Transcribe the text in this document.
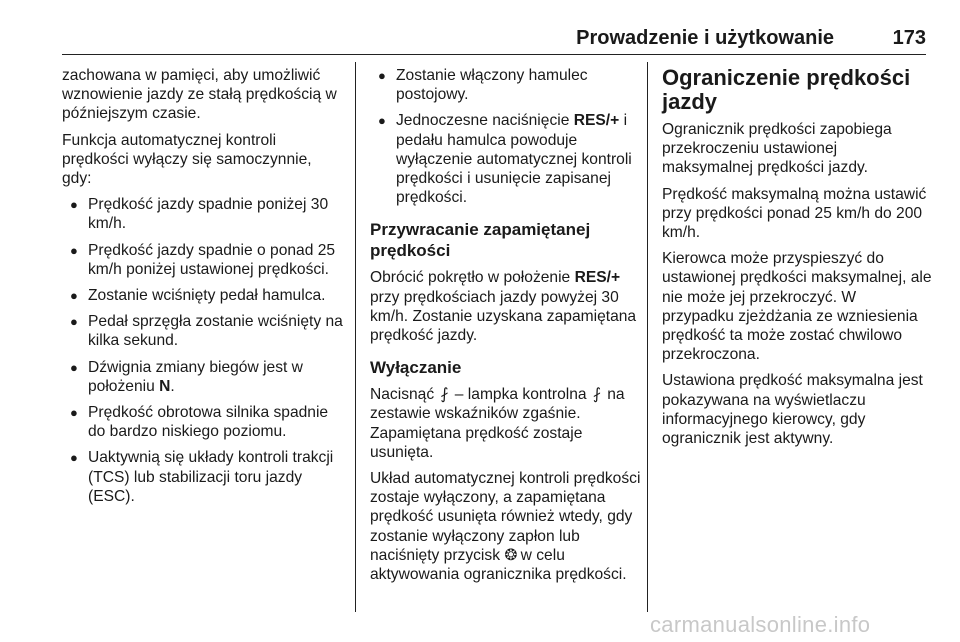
Prowadzenie i użytkowanie	173

zachowana w pamięci, aby umożliwić wznowienie jazdy ze stałą prędkością w późniejszym czasie.

Funkcja automatycznej kontroli prędkości wyłączy się samoczynnie, gdy:

● Prędkość jazdy spadnie poniżej 30 km/h.
● Prędkość jazdy spadnie o ponad 25 km/h poniżej ustawionej prędkości.
● Zostanie wciśnięty pedał hamulca.
● Pedał sprzęgła zostanie wciśnięty na kilka sekund.
● Dźwignia zmiany biegów jest w położeniu N.
● Prędkość obrotowa silnika spadnie do bardzo niskiego poziomu.
● Uaktywnią się układy kontroli trakcji (TCS) lub stabilizacji toru jazdy (ESC).
● Zostanie włączony hamulec postojowy.
● Jednoczesne naciśnięcie RES/+ i pedału hamulca powoduje wyłączenie automatycznej kontroli prędkości i usunięcie zapisanej prędkości.
Przywracanie zapamiętanej prędkości

Obrócić pokrętło w położenie RES/+ przy prędkościach jazdy powyżej 30 km/h. Zostanie uzyskana zapamiętana prędkość jazdy.

Wyłączanie

Nacisnąć ⨏ – lampka kontrolna ⨏ na zestawie wskaźników zgaśnie. Zapamiętana prędkość zostaje usunięta.

Układ automatycznej kontroli prędkości zostaje wyłączony, a zapamiętana prędkość usunięta również wtedy, gdy zostanie wyłączony zapłon lub naciśnięty przycisk ❂ w celu aktywowania ogranicznika prędkości.

Ograniczenie prędkości jazdy

Ogranicznik prędkości zapobiega przekroczeniu ustawionej maksymalnej prędkości jazdy.

Prędkość maksymalną można ustawić przy prędkości ponad 25 km/h do 200 km/h.

Kierowca może przyspieszyć do ustawionej prędkości maksymalnej, ale nie może jej przekroczyć. W przypadku zjeżdżania ze wzniesienia prędkość ta może zostać chwilowo przekroczona.

Ustawiona prędkość maksymalna jest pokazywana na wyświetlaczu informacyjnego kierowcy, gdy ogranicznik jest aktywny.

carmanualsonline.info
